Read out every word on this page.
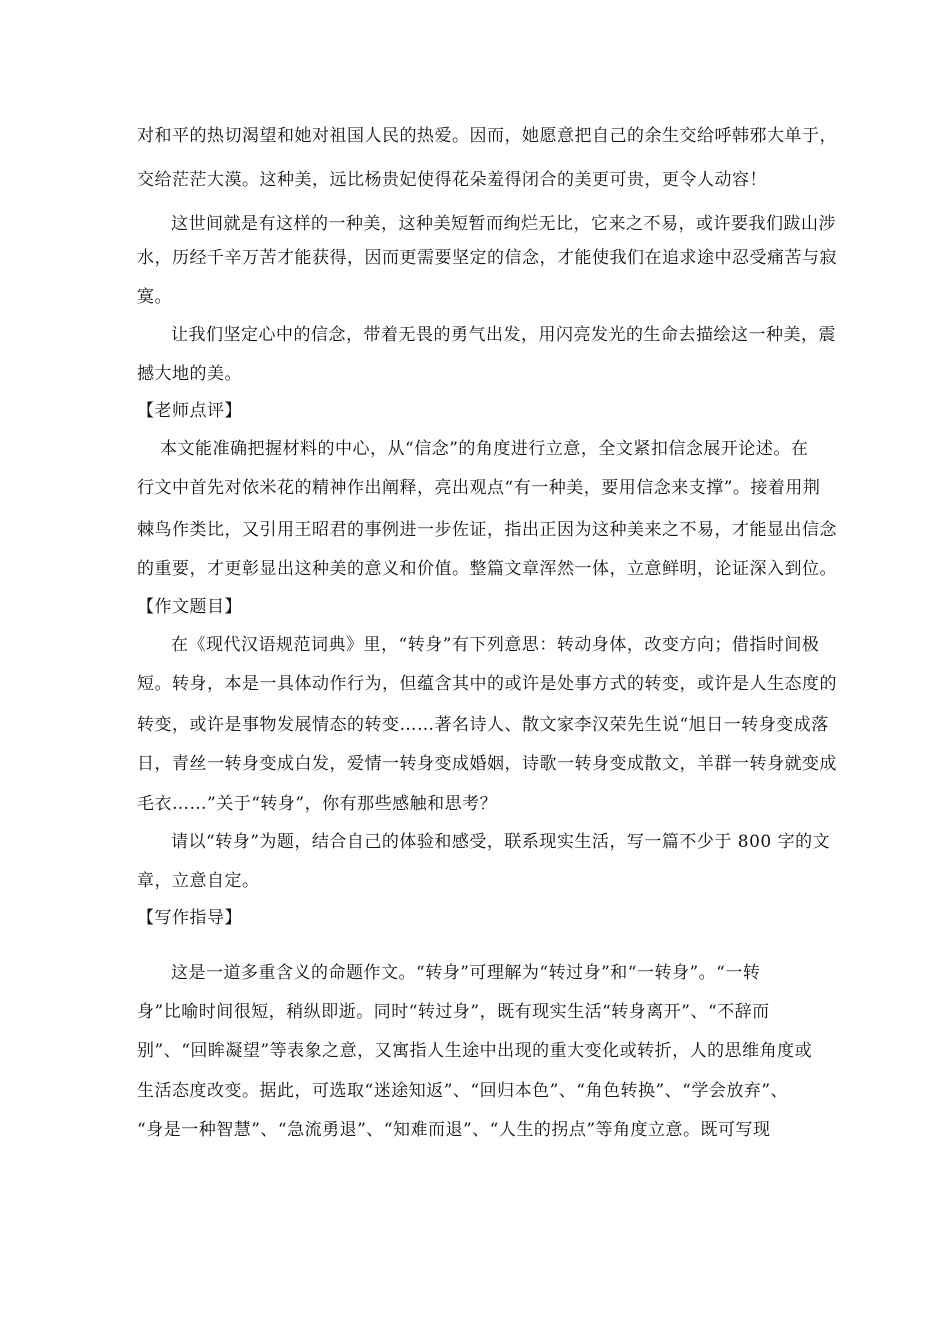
对和平的热切渴望和她对祖国人民的热爱。因而，她愿意把自己的余生交给呼韩邪大单于，
交给茫茫大漠。这种美，远比杨贵妃使得花朵羞得闭合的美更可贵，更令人动容！
这世间就是有这样的一种美，这种美短暂而绚烂无比，它来之不易，或许要我们跋山涉
水，历经千辛万苦才能获得，因而更需要坚定的信念，才能使我们在追求途中忍受痛苦与寂
寞。
让我们坚定心中的信念，带着无畏的勇气出发，用闪亮发光的生命去描绘这一种美，震
撼大地的美。
【老师点评】
本文能准确把握材料的中心，从“信念”的角度进行立意，全文紧扣信念展开论述。在
行文中首先对依米花的精神作出阐释，亮出观点“有一种美，要用信念来支撑”。接着用荆
棘鸟作类比，又引用王昭君的事例进一步佐证，指出正因为这种美来之不易，才能显出信念
的重要，才更彰显出这种美的意义和价值。整篇文章浑然一体，立意鲜明，论证深入到位。
【作文题目】
在《现代汉语规范词典》里，“转身”有下列意思：转动身体，改变方向；借指时间极
短。转身，本是一具体动作行为，但蕴含其中的或许是处事方式的转变，或许是人生态度的
转变，或许是事物发展情态的转变……著名诗人、散文家李汉荣先生说“旭日一转身变成落
日，青丝一转身变成白发，爱情一转身变成婚姻，诗歌一转身变成散文，羊群一转身就变成
毛衣……”关于“转身”，你有那些感触和思考？
请以“转身”为题，结合自己的体验和感受，联系现实生活，写一篇不少于 800 字的文
章，立意自定。
【写作指导】
这是一道多重含义的命题作文。“转身”可理解为“转过身”和“一转身”。“一转
身”比喻时间很短，稍纵即逝。同时“转过身”，既有现实生活“转身离开”、“不辞而
别”、“回眸凝望”等表象之意，又寓指人生途中出现的重大变化或转折，人的思维角度或
生活态度改变。据此，可选取“迷途知返”、“回归本色”、“角色转换”、“学会放弃”、
“身是一种智慧”、“急流勇退”、“知难而退”、“人生的拐点”等角度立意。既可写现
